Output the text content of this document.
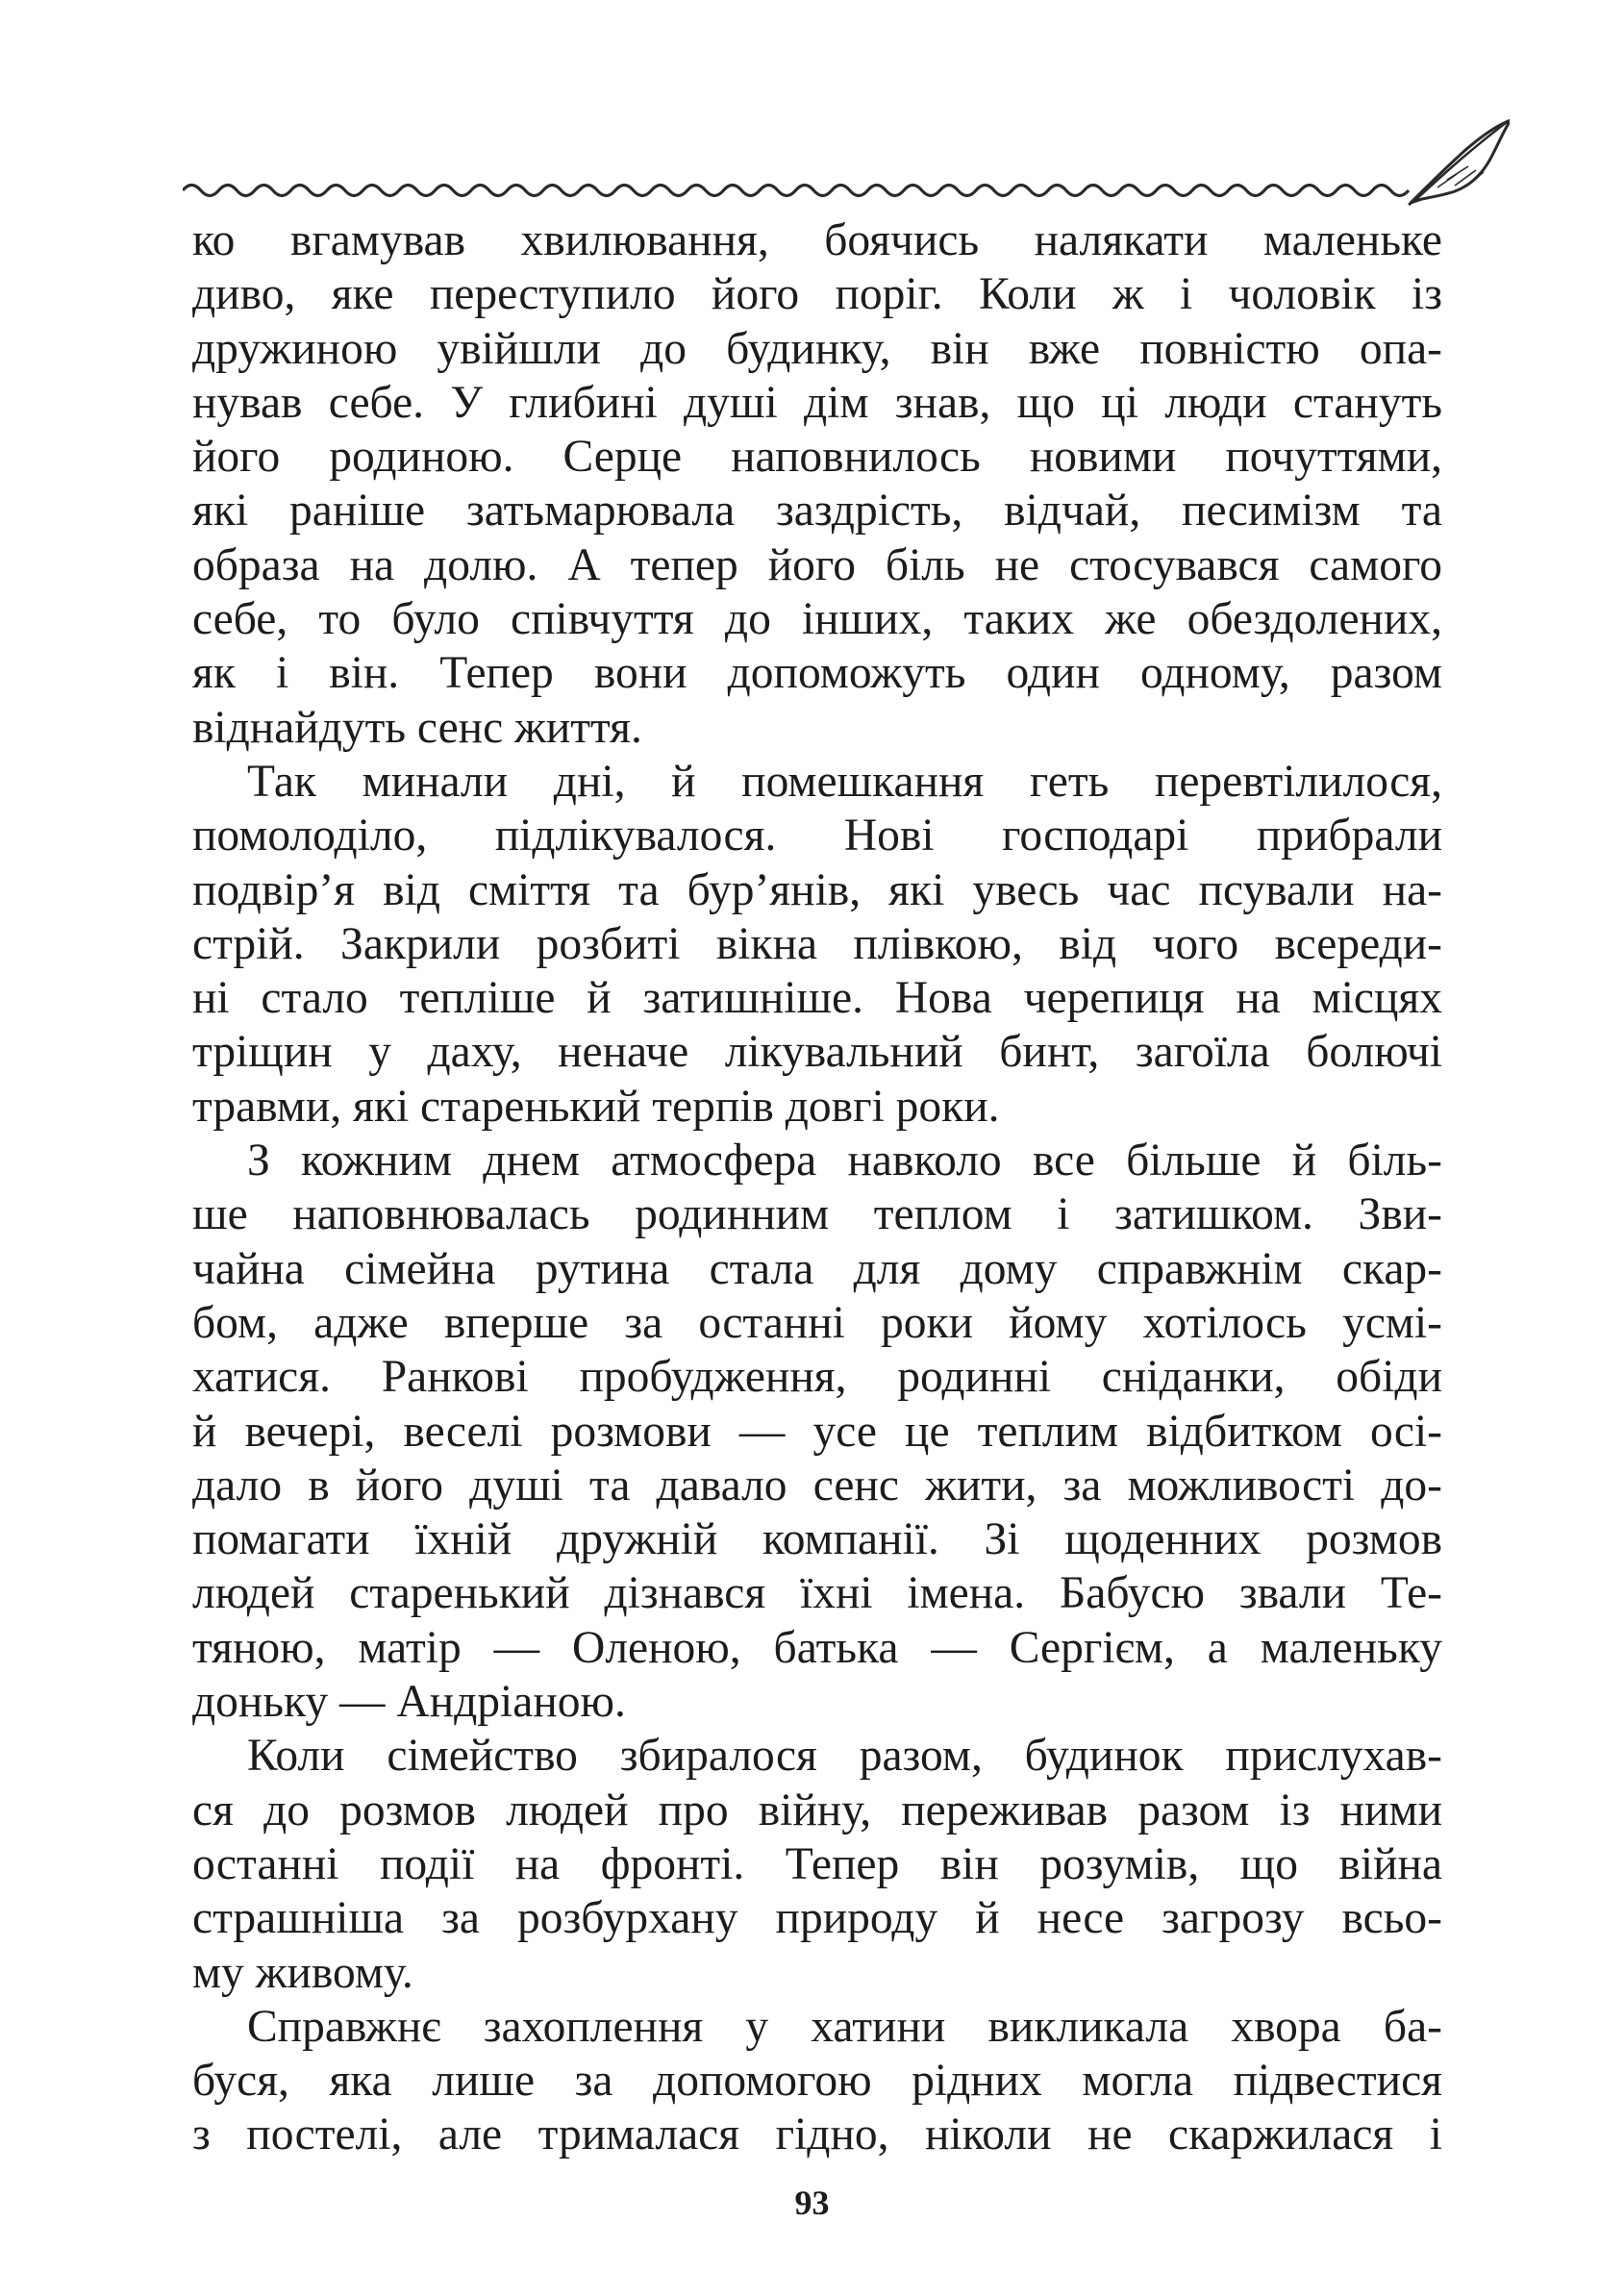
ко вгамував хвилювання, боячись налякати маленьке
диво, яке переступило його поріг. Коли ж і чоловік із
дружиною увійшли до будинку, він вже повністю опа-
нував себе. У глибині душі дім знав, що ці люди стануть
його родиною. Серце наповнилось новими почуттями,
які раніше затьмарювала заздрість, відчай, песимізм та
образа на долю. А тепер його біль не стосувався самого
себе, то було співчуття до інших, таких же обездолених,
як і він. Тепер вони допоможуть один одному, разом
віднайдуть сенс життя.
Так минали дні, й помешкання геть перевтілилося,
помолоділо, підлікувалося. Нові господарі прибрали
подвір’я від сміття та бур’янів, які увесь час псували на-
стрій. Закрили розбиті вікна плівкою, від чого всереди-
ні стало тепліше й затишніше. Нова черепиця на місцях
тріщин у даху, неначе лікувальний бинт, загоїла болючі
травми, які старенький терпів довгі роки.
З кожним днем атмосфера навколо все більше й біль-
ше наповнювалась родинним теплом і затишком. Зви-
чайна сімейна рутина стала для дому справжнім скар-
бом, адже вперше за останні роки йому хотілось усмі-
хатися. Ранкові пробудження, родинні сніданки, обіди
й вечері, веселі розмови — усе це теплим відбитком осі-
дало в його душі та давало сенс жити, за можливості до-
помагати їхній дружній компанії. Зі щоденних розмов
людей старенький дізнався їхні імена. Бабусю звали Те-
тяною, матір — Оленою, батька — Сергієм, а маленьку
доньку — Андріаною.
Коли сімейство збиралося разом, будинок прислухав-
ся до розмов людей про війну, переживав разом із ними
останні події на фронті. Тепер він розумів, що війна
страшніша за розбурхану природу й несе загрозу всьо-
му живому.
Справжнє захоплення у хатини викликала хвора ба-
буся, яка лише за допомогою рідних могла підвестися
з постелі, але трималася гідно, ніколи не скаржилася і
93
